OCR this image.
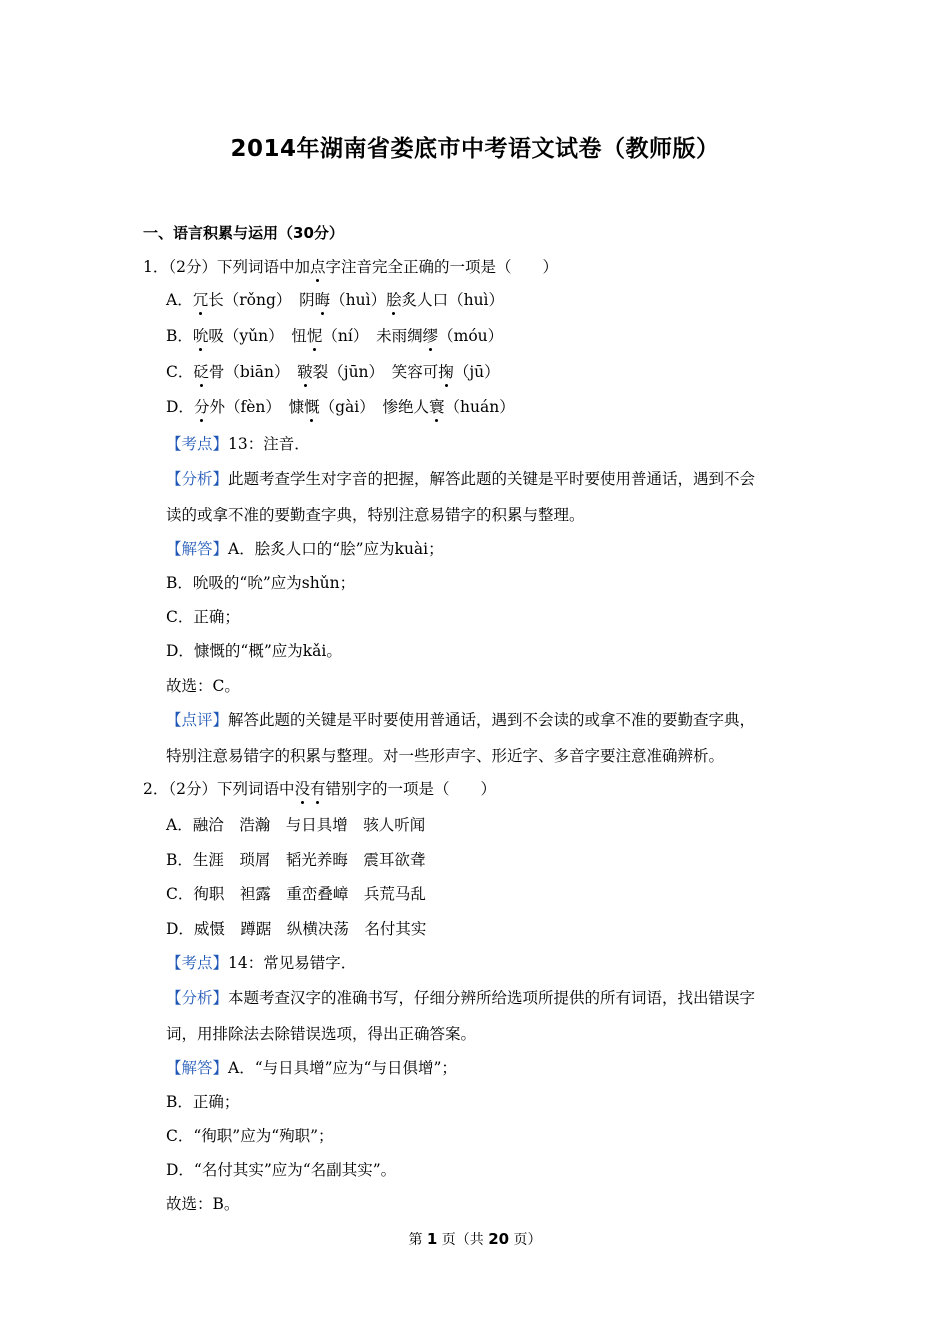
2014年湖南省娄底市中考语文试卷（教师版）
一、语言积累与运用（30分）
1．（2分）下列词语中加点字注音完全正确的一项是（　　）
A．冗长（rǒng）　阴晦（huì）脍炙人口（huì）
B．吮吸（yǔn）　忸怩（ní）　未雨绸缪（móu）
C．砭骨（biān）　皲裂（jūn）　笑容可掬（jū）
D．分外（fèn）　慷慨（gài）　惨绝人寰（huán）
【考点】13：注音．
【分析】此题考查学生对字音的把握，解答此题的关键是平时要使用普通话，遇到不会
读的或拿不准的要勤查字典，特别注意易错字的积累与整理。
【解答】A．脍炙人口的“脍”应为kuài；
B．吮吸的“吮”应为shǔn；
C．正确；
D．慷慨的“概”应为kǎi。
故选：C。
【点评】解答此题的关键是平时要使用普通话，遇到不会读的或拿不准的要勤查字典，
特别注意易错字的积累与整理。对一些形声字、形近字、多音字要注意准确辨析。
2．（2分）下列词语中没有错别字的一项是（　　）
A．融洽　浩瀚　与日具增　骇人听闻
B．生涯　琐屑　韬光养晦　震耳欲聋
C．徇职　袒露　重峦叠嶂　兵荒马乱
D．威慑　蹲踞　纵横决荡　名付其实
【考点】14：常见易错字．
【分析】本题考查汉字的准确书写，仔细分辨所给选项所提供的所有词语，找出错误字
词，用排除法去除错误选项，得出正确答案。
【解答】A．“与日具增”应为“与日俱增”；
B．正确；
C．“徇职”应为“殉职”；
D．“名付其实”应为“名副其实”。
故选：B。
第 1 页（共 20 页）
